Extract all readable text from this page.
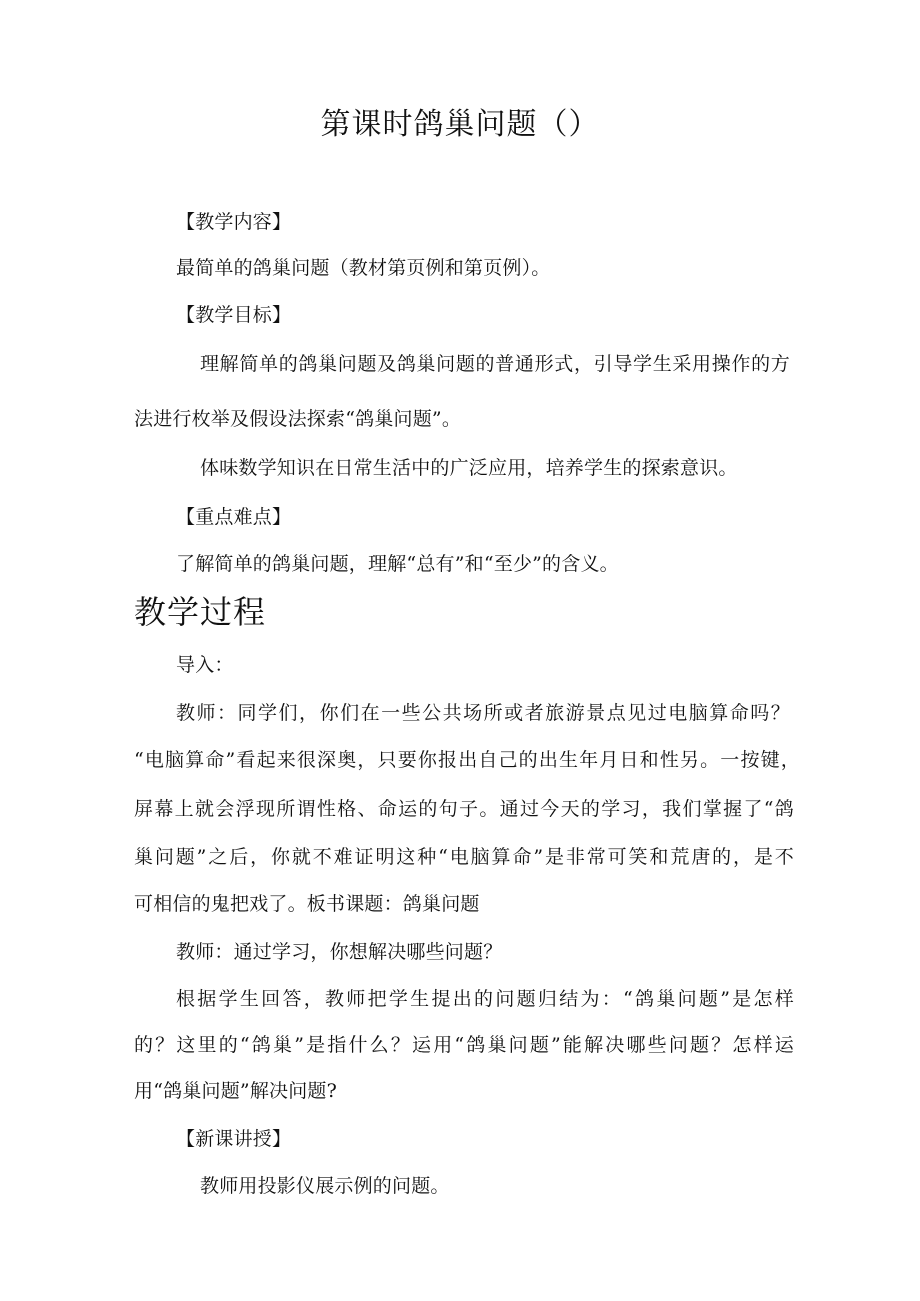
第课时鸽巢问题（）
【教学内容】
最简单的鸽巢问题（教材第页例和第页例）。
【教学目标】
理解简单的鸽巢问题及鸽巢问题的普通形式，引导学生采用操作的方
法进行枚举及假设法探索“鸽巢问题”。
体味数学知识在日常生活中的广泛应用，培养学生的探索意识。
【重点难点】
了解简单的鸽巢问题，理解“总有”和“至少”的含义。
教学过程
导入：
教师：同学们，你们在一些公共场所或者旅游景点见过电脑算命吗？
“电脑算命”看起来很深奥，只要你报出自己的出生年月日和性另。一按键，
屏幕上就会浮现所谓性格、命运的句子。通过今天的学习，我们掌握了“鸽
巢问题”之后，你就不难证明这种“电脑算命”是非常可笑和荒唐的，是不
可相信的鬼把戏了。板书课题：鸽巢问题
教师：通过学习，你想解决哪些问题？
根据学生回答，教师把学生提出的问题归结为：“鸽巢问题”是怎样
的？这里的“鸽巢”是指什么？运用“鸽巢问题”能解决哪些问题？怎样运
用“鸽巢问题”解决问题?
【新课讲授】
教师用投影仪展示例的问题。
